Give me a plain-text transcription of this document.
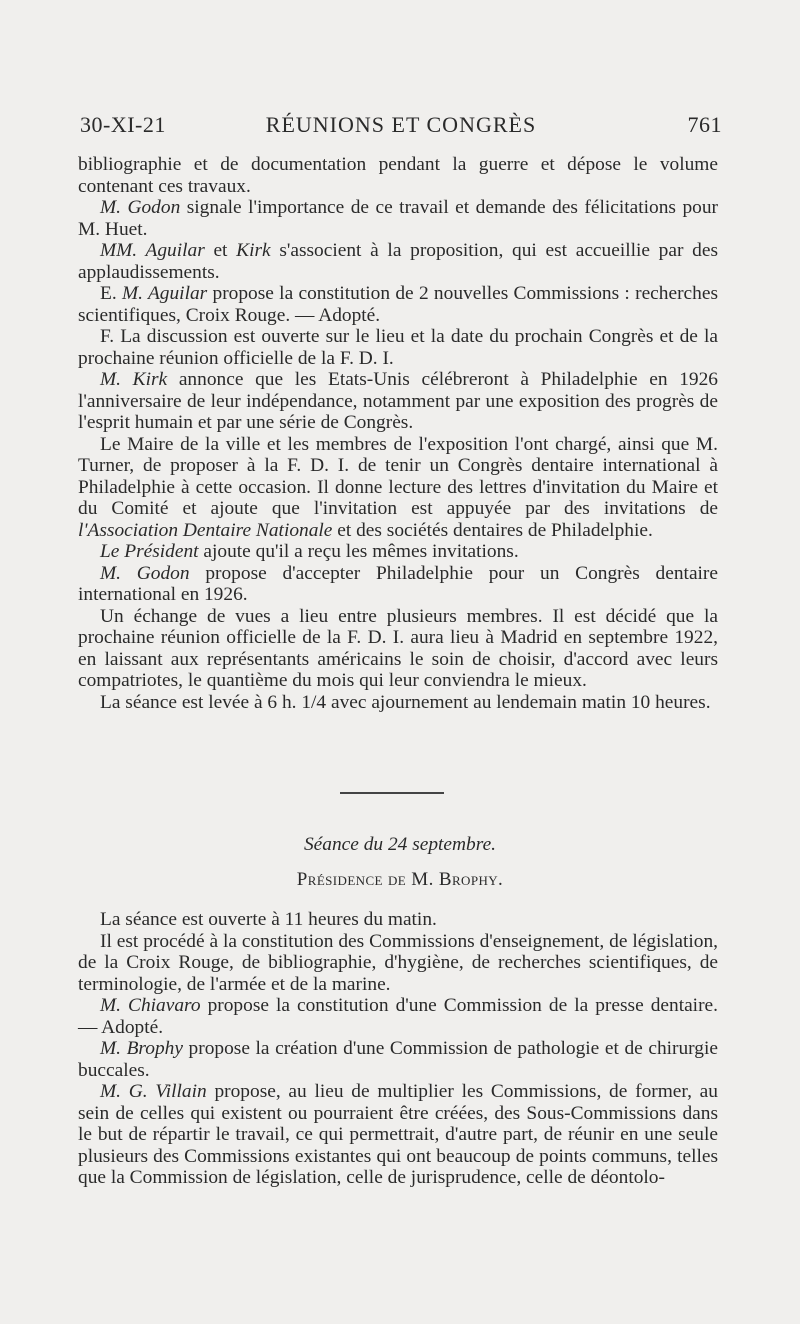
30-XI-21	RÉUNIONS ET CONGRÈS	761

bibliographie et de documentation pendant la guerre et dépose le volume contenant ces travaux.

M. Godon signale l'importance de ce travail et demande des félicitations pour M. Huet.

MM. Aguilar et Kirk s'associent à la proposition, qui est accueillie par des applaudissements.

E. M. Aguilar propose la constitution de 2 nouvelles Commissions : recherches scientifiques, Croix Rouge. — Adopté.

F. La discussion est ouverte sur le lieu et la date du prochain Congrès et de la prochaine réunion officielle de la F. D. I.

M. Kirk annonce que les Etats-Unis célébreront à Philadelphie en 1926 l'anniversaire de leur indépendance, notamment par une exposition des progrès de l'esprit humain et par une série de Congrès.

Le Maire de la ville et les membres de l'exposition l'ont chargé, ainsi que M. Turner, de proposer à la F. D. I. de tenir un Congrès dentaire international à Philadelphie à cette occasion. Il donne lecture des lettres d'invitation du Maire et du Comité et ajoute que l'invitation est appuyée par des invitations de l'Association Dentaire Nationale et des sociétés dentaires de Philadelphie.

Le Président ajoute qu'il a reçu les mêmes invitations.

M. Godon propose d'accepter Philadelphie pour un Congrès dentaire international en 1926.

Un échange de vues a lieu entre plusieurs membres. Il est décidé que la prochaine réunion officielle de la F. D. I. aura lieu à Madrid en septembre 1922, en laissant aux représentants américains le soin de choisir, d'accord avec leurs compatriotes, le quantième du mois qui leur conviendra le mieux.

La séance est levée à 6 h. 1/4 avec ajournement au lendemain matin 10 heures.

Séance du 24 septembre.
Présidence de M. Brophy.

La séance est ouverte à 11 heures du matin.

Il est procédé à la constitution des Commissions d'enseignement, de législation, de la Croix Rouge, de bibliographie, d'hygiène, de recherches scientifiques, de terminologie, de l'armée et de la marine.

M. Chiavaro propose la constitution d'une Commission de la presse dentaire. — Adopté.

M. Brophy propose la création d'une Commission de pathologie et de chirurgie buccales.

M. G. Villain propose, au lieu de multiplier les Commissions, de former, au sein de celles qui existent ou pourraient être créées, des Sous-Commissions dans le but de répartir le travail, ce qui permettrait, d'autre part, de réunir en une seule plusieurs des Commissions existantes qui ont beaucoup de points communs, telles que la Commission de législation, celle de jurisprudence, celle de déontolo-
